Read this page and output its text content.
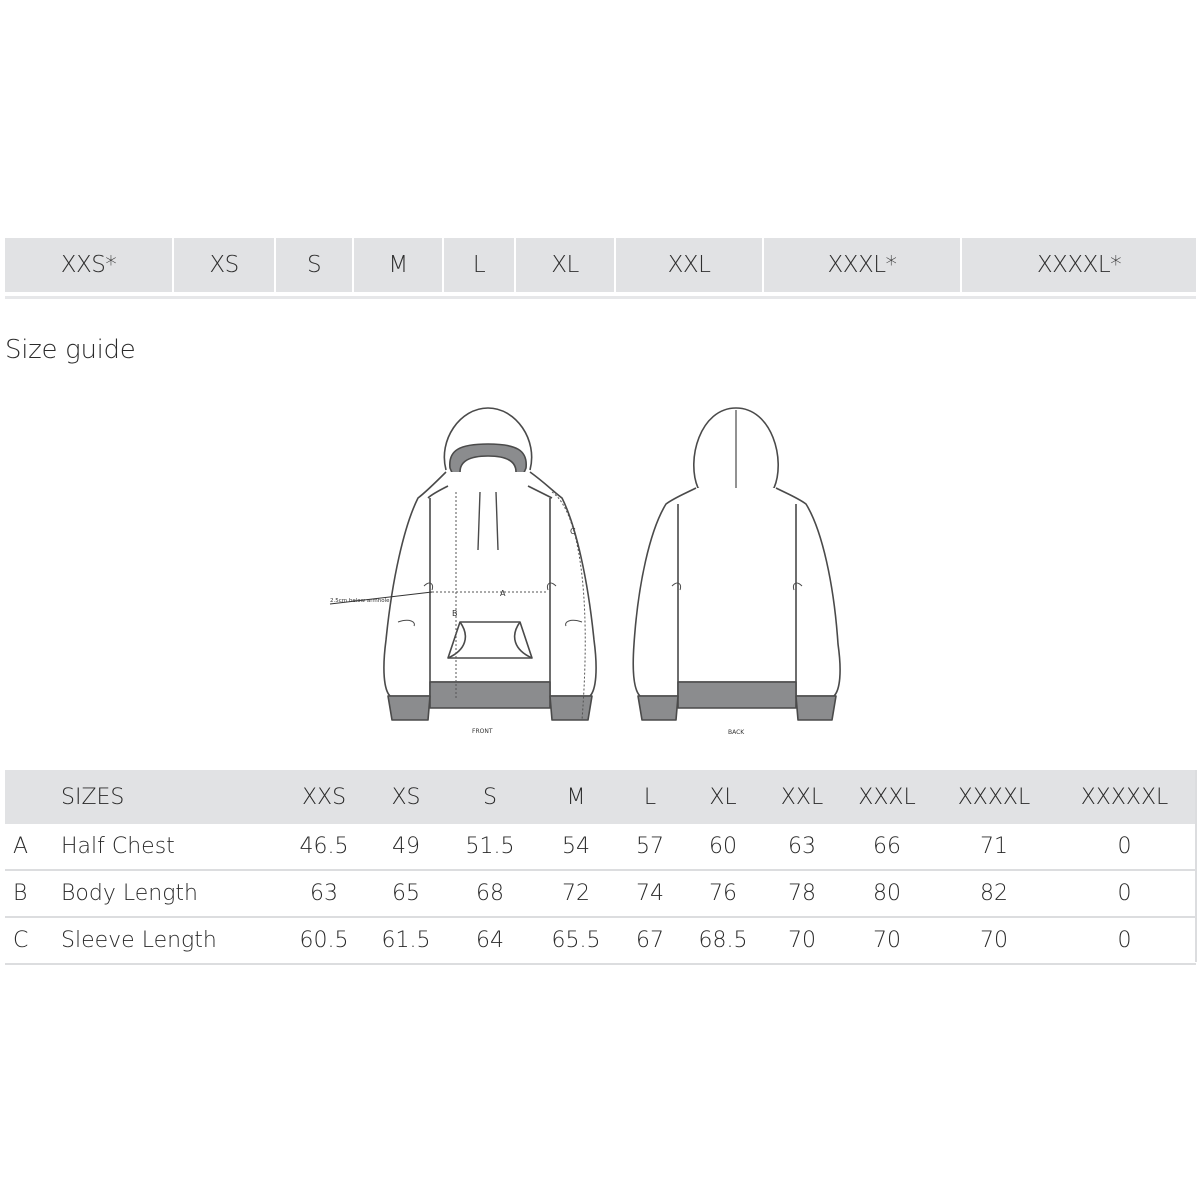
XXS*	XS	S	M	L	XL	XXL	XXXL*	XXXXL*
Size guide
A
B
C
2.5cm below armhole
FRONT	BACK
	SIZES	XXS	XS	S	M	L	XL	XXL	XXXL	XXXXL	XXXXXL
A	Half Chest	46.5	49	51.5	54	57	60	63	66	71	0
B	Body Length	63	65	68	72	74	76	78	80	82	0
C	Sleeve Length	60.5	61.5	64	65.5	67	68.5	70	70	70	0
